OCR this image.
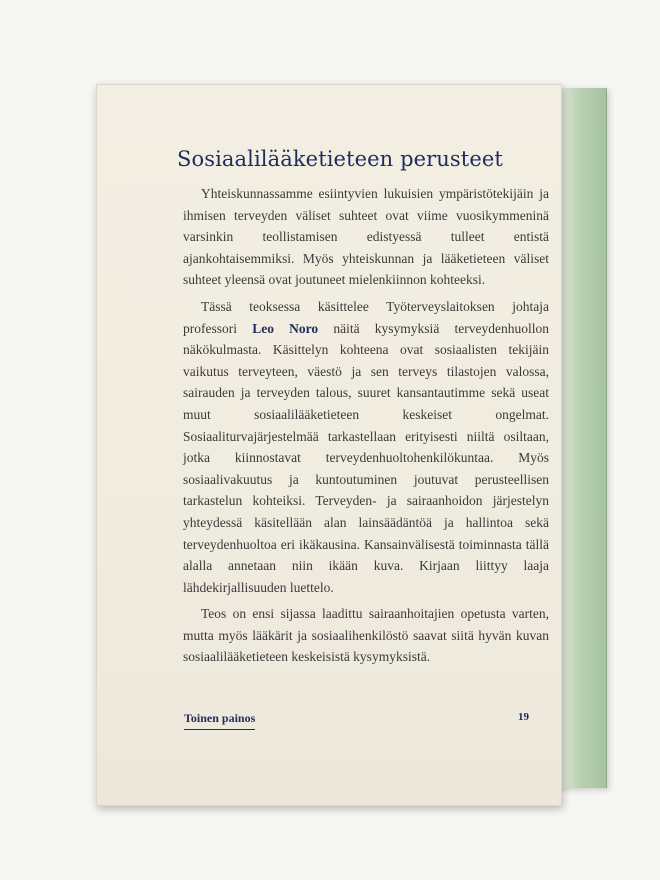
Sosiaalilääketieteen perusteet

Yhteiskunnassamme esiintyvien lukuisien ympäristötekijäin ja ihmisen terveyden väliset suhteet ovat viime vuosikymmeninä varsinkin teollistamisen edistyessä tulleet entistä ajankohtaisemmiksi. Myös yhteiskunnan ja lääketieteen väliset suhteet yleensä ovat joutuneet mielenkiinnon kohteeksi.

Tässä teoksessa käsittelee Työterveyslaitoksen johtaja professori Leo Noro näitä kysymyksiä terveydenhuollon näkökulmasta. Käsittelyn kohteena ovat sosiaalisten tekijäin vaikutus terveyteen, väestö ja sen terveys tilastojen valossa, sairauden ja terveyden talous, suuret kansantautimme sekä useat muut sosiaalilääketieteen keskeiset ongelmat. Sosiaaliturvajärjestelmää tarkastellaan erityisesti niiltä osiltaan, jotka kiinnostavat terveydenhuoltohenkilökuntaa. Myös sosiaalivakuutus ja kuntoutuminen joutuvat perusteellisen tarkastelun kohteiksi. Terveyden- ja sairaanhoidon järjestelyn yhteydessä käsitellään alan lainsäädäntöä ja hallintoa sekä terveydenhuoltoa eri ikäkausina. Kansainvälisestä toiminnasta tällä alalla annetaan niin ikään kuva. Kirjaan liittyy laaja lähdekirjallisuuden luettelo.

Teos on ensi sijassa laadittu sairaanhoitajien opetusta varten, mutta myös lääkärit ja sosiaalihenkilöstö saavat siitä hyvän kuvan sosiaalilääketieteen keskeisistä kysymyksistä.

Toinen painos	19
